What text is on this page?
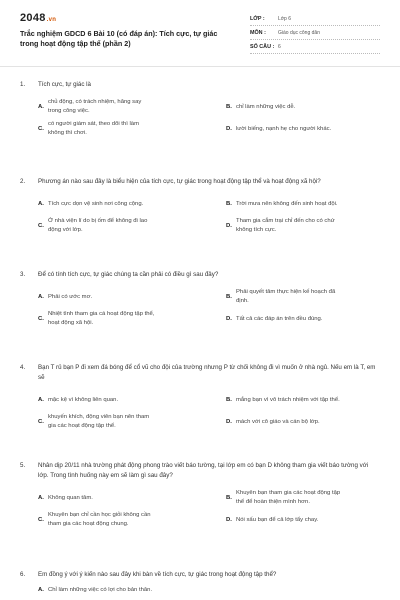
2048.vn
Trắc nghiệm GDCD 6 Bài 10 (có đáp án): Tích cực, tự giác trong hoạt động tập thể (phần 2)
LỚP :	Lớp 6
MÔN :	Giáo dục công dân
SỐ CÂU : 6
1. Tích cực, tự giác là
A.
chủ động, có trách nhiệm, hăng say trong công việc.
B. chỉ làm những việc dễ.
C.
có người giám sát, theo dõi thì làm không thì chơi.
D. lười biếng, nạnh hẹ cho người khác.
2. Phương án nào sau đây là biểu hiện của tích cực, tự giác trong hoạt động tập thể và hoạt động xã hội?
A. Tích cực dọn vệ sinh nơi công cộng.	B. Trời mưa nên không đến sinh hoạt đội.
C.
Ở nhà viện lí do bị ốm để không đi lao động với lớp.
D.
Tham gia cắm trại chỉ đến cho có chứ không tích cực.
3. Để có tính tích cực, tự giác chúng ta cần phải có điều gì sau đây?
A. Phải có ước mơ.	B.
Phải quyết tâm thực hiện kế hoạch đã định.
C.
Nhiệt tình tham gia cá hoạt động tập thể, hoạt động xã hội.
D. Tất cả các đáp án trên đều đúng.
4. Bạn T rủ bạn P đi xem đá bóng để cổ vũ cho đội của trường nhưng P từ chối không đi vì muốn ở nhà ngủ. Nếu em là T, em sẽ
A. mặc kệ vì không liên quan.	B. mắng bạn vì vô trách nhiệm với tập thể.
C.
khuyến khích, động viên bạn nên tham gia các hoạt động tập thể.
D. mách với cô giáo và cán bộ lớp.
5. Nhân dịp 20/11 nhà trường phát động phong trào viết báo tường, tại lớp em có bạn D không tham gia viết báo tường với lớp. Trong tình huống này em sẽ làm gì sau đây?
A. Không quan tâm.	B.
Khuyên bạn tham gia các hoạt động tập thể để hoàn thiện mình hơn.
C.
Khuyên bạn chỉ cần học giỏi không cần tham gia các hoạt động chung.
D. Nói xấu bạn để cả lớp tẩy chay.
6. Em đồng ý với ý kiến nào sau đây khi bàn về tích cực, tự giác trong hoạt động tập thể?
A. Chỉ làm những việc có lợi cho bản thân.
